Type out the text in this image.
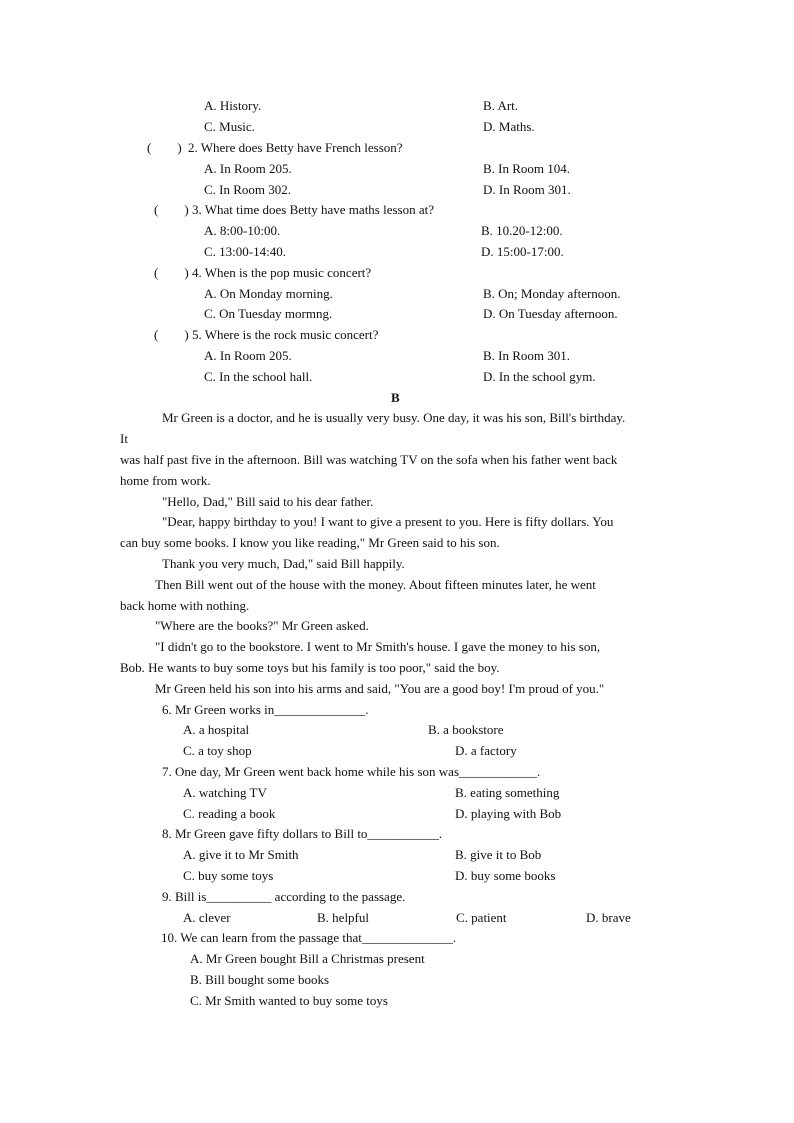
A. History.	B. Art.
C. Music.	D. Maths.
(　　) 2. Where does Betty have French lesson?
A. In Room 205.	B. In Room 104.
C. In Room 302.	D. In Room 301.
(　　) 3. What time does Betty have maths lesson at?
A. 8:00-10:00.	B. 10.20-12:00.
C. 13:00-14:40.	D. 15:00-17:00.
(　　) 4. When is the pop music concert?
A. On Monday morning.	B. On; Monday afternoon.
C. On Tuesday mormng.	D. On Tuesday afternoon.
(　　) 5. Where is the rock music concert?
A. In Room 205.	B. In Room 301.
C. In the school hall.	D. In the school gym.
B
Mr Green is a doctor, and he is usually very busy. One day, it was his son, Bill's birthday.
It
was half past five in the afternoon. Bill was watching TV on the sofa when his father went back
home from work.
"Hello, Dad," Bill said to his dear father.
"Dear, happy birthday to you! I want to give a present to you. Here is fifty dollars. You
can buy some books. I know you like reading," Mr Green said to his son.
Thank you very much, Dad," said Bill happily.
Then Bill went out of the house with the money. About fifteen minutes later, he went
back home with nothing.
"Where are the books?" Mr Green asked.
"I didn't go to the bookstore. I went to Mr Smith's house. I gave the money to his son,
Bob. He wants to buy some toys but his family is too poor," said the boy.
Mr Green held his son into his arms and said, "You are a good boy! I'm proud of you."
6. Mr Green works in______________.
A. a hospital	B. a bookstore
C. a toy shop	D. a factory
7. One day, Mr Green went back home while his son was____________.
A. watching TV	B. eating something
C. reading a book	D. playing with Bob
8. Mr Green gave fifty dollars to Bill to___________.
A. give it to Mr Smith	B. give it to Bob
C. buy some toys	D. buy some books
9. Bill is__________ according to the passage.
A. clever	B. helpful	C. patient	D. brave
10. We can learn from the passage that______________.
A. Mr Green bought Bill a Christmas present
B. Bill bought some books
C. Mr Smith wanted to buy some toys
